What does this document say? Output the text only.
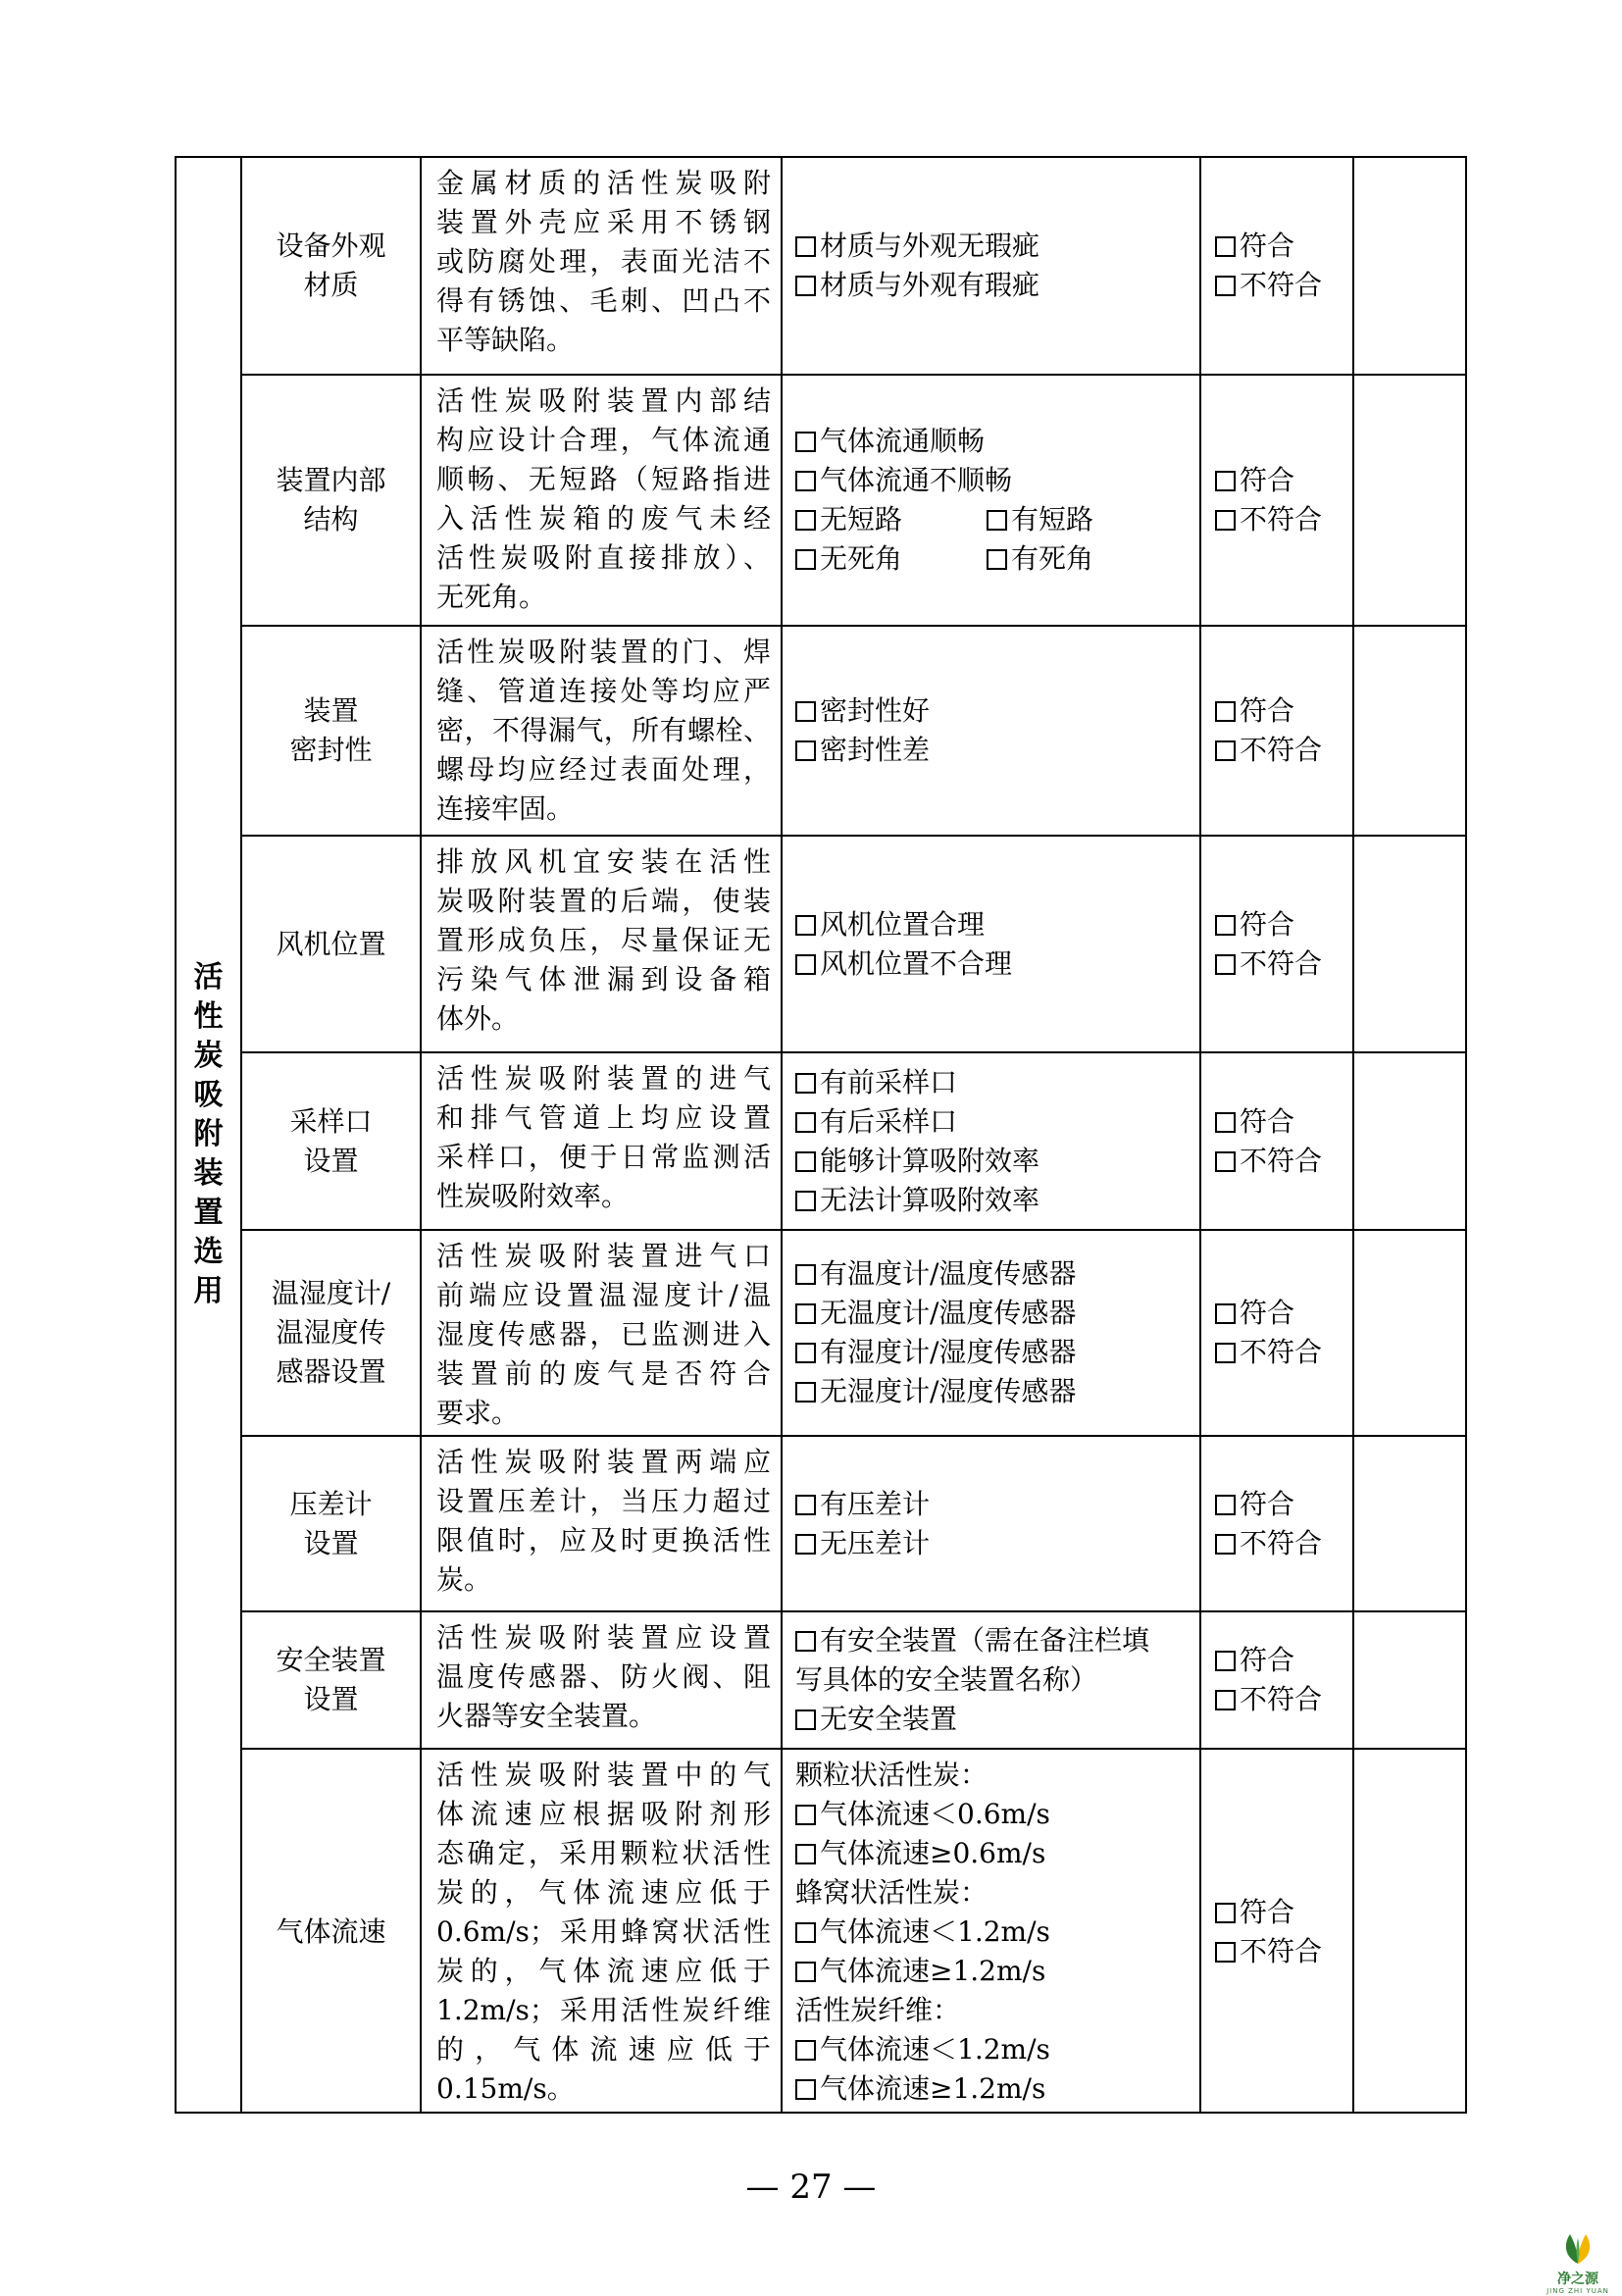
活
性
炭
吸
附
装
置
选
用
设备外观
材质
金属材质的活性炭吸附
装置外壳应采用不锈钢
或防腐处理，表面光洁不
得有锈蚀、毛刺、凹凸不
平等缺陷。
材质与外观无瑕疵
材质与外观有瑕疵
符合
不符合
装置内部
结构
活性炭吸附装置内部结
构应设计合理，气体流通
顺畅、无短路（短路指进
入活性炭箱的废气未经
活性炭吸附直接排放）、
无死角。
气体流通顺畅
气体流通不顺畅
无短路	有短路
无死角	有死角
符合
不符合
装置
密封性
活性炭吸附装置的门、焊
缝、管道连接处等均应严
密，不得漏气，所有螺栓、
螺母均应经过表面处理，
连接牢固。
密封性好
密封性差
符合
不符合
风机位置
排放风机宜安装在活性
炭吸附装置的后端，使装
置形成负压，尽量保证无
污染气体泄漏到设备箱
体外。
风机位置合理
风机位置不合理
符合
不符合
采样口
设置
活性炭吸附装置的进气
和排气管道上均应设置
采样口，便于日常监测活
性炭吸附效率。
有前采样口
有后采样口
能够计算吸附效率
无法计算吸附效率
符合
不符合
温湿度计/
温湿度传
感器设置
活性炭吸附装置进气口
前端应设置温湿度计/温
湿度传感器，已监测进入
装置前的废气是否符合
要求。
有温度计/温度传感器
无温度计/温度传感器
有湿度计/湿度传感器
无湿度计/湿度传感器
符合
不符合
压差计
设置
活性炭吸附装置两端应
设置压差计，当压力超过
限值时，应及时更换活性
炭。
有压差计
无压差计
符合
不符合
安全装置
设置
活性炭吸附装置应设置
温度传感器、防火阀、阻
火器等安全装置。
有安全装置（需在备注栏填
写具体的安全装置名称）
无安全装置
符合
不符合
气体流速
活性炭吸附装置中的气
体流速应根据吸附剂形
态确定，采用颗粒状活性
炭的，气体流速应低于
0.6m/s；采用蜂窝状活性
炭的，气体流速应低于
1.2m/s；采用活性炭纤维
的，气体流速应低于
0.15m/s。
颗粒状活性炭：
气体流速＜0.6m/s
气体流速≥0.6m/s
蜂窝状活性炭：
气体流速＜1.2m/s
气体流速≥1.2m/s
活性炭纤维：
气体流速＜1.2m/s
气体流速≥1.2m/s
符合
不符合
— 27 —
净之源
JING ZHI YUAN
